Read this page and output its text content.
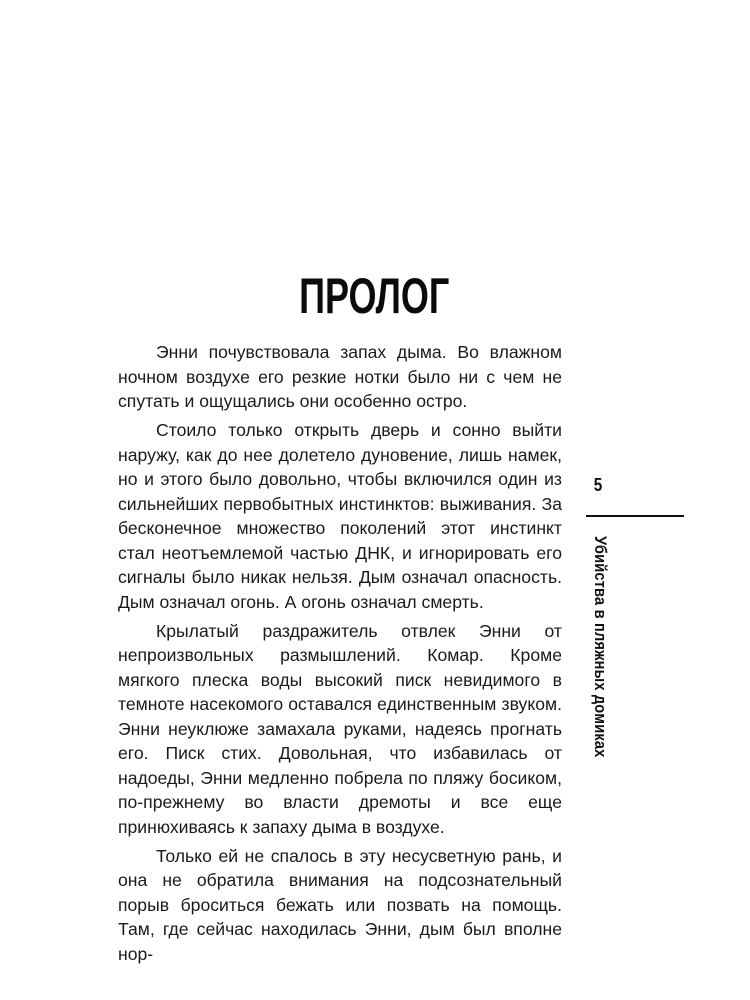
ПРОЛОГ

Энни почувствовала запах дыма. Во влажном ночном воздухе его резкие нотки было ни с чем не спутать и ощущались они особенно остро.

Стоило только открыть дверь и сонно выйти наружу, как до нее долетело дуновение, лишь намек, но и этого было довольно, чтобы включился один из сильнейших первобытных инстинктов: выживания. За бесконечное множество поколений этот инстинкт стал неотъемлемой частью ДНК, и игнорировать его сигналы было никак нельзя. Дым означал опасность. Дым означал огонь. А огонь означал смерть.

Крылатый раздражитель отвлек Энни от непроизвольных размышлений. Комар. Кроме мягкого плеска воды высокий писк невидимого в темноте насекомого оставался единственным звуком. Энни неуклюже замахала руками, надеясь прогнать его. Писк стих. Довольная, что избавилась от надоеды, Энни медленно побрела по пляжу босиком, по-прежнему во власти дремоты и все еще принюхиваясь к запаху дыма в воздухе.

Только ей не спалось в эту несусветную рань, и она не обратила внимания на подсознательный порыв броситься бежать или позвать на помощь. Там, где сейчас находилась Энни, дым был вполне нор-

5
Убийства в пляжных домиках
